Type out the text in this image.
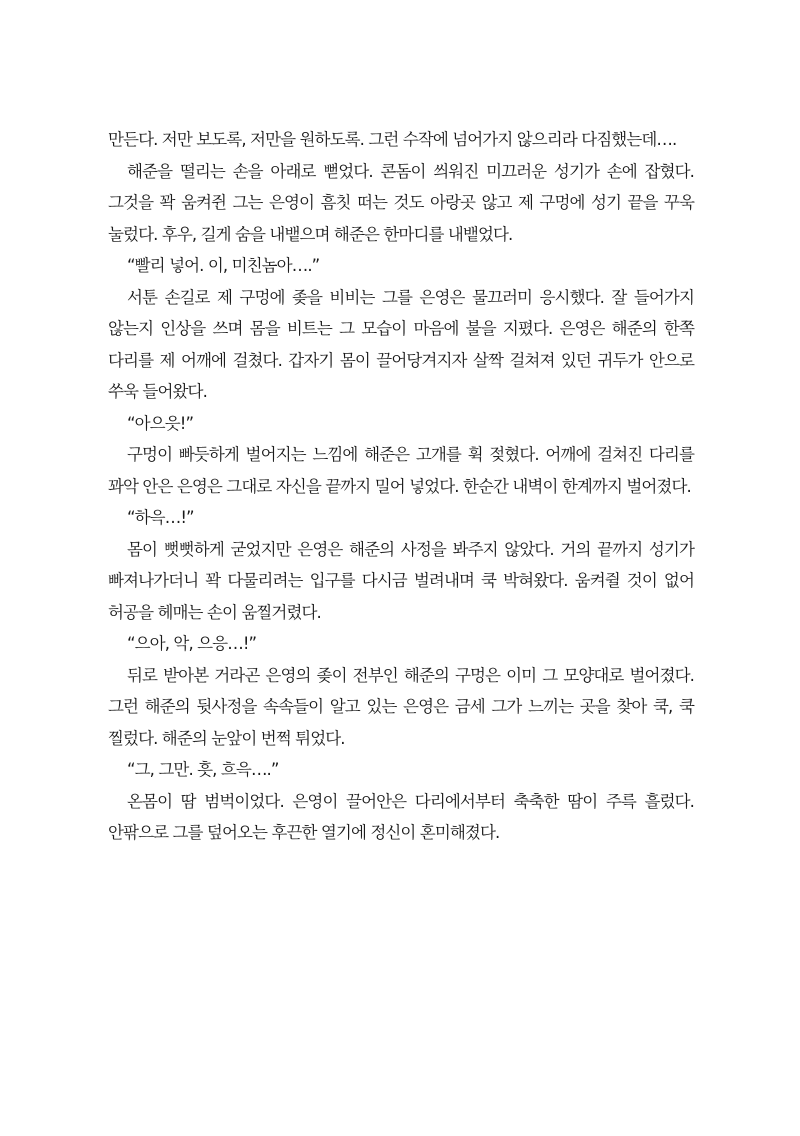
만든다. 저만 보도록, 저만을 원하도록. 그런 수작에 넘어가지 않으리라 다짐했는데….

해준을 떨리는 손을 아래로 뻗었다. 콘돔이 씌워진 미끄러운 성기가 손에 잡혔다. 그것을 꽉 움켜쥔 그는 은영이 흠칫 떠는 것도 아랑곳 않고 제 구멍에 성기 끝을 꾸욱 눌렀다. 후우, 길게 숨을 내뱉으며 해준은 한마디를 내뱉었다.

“빨리 넣어. 이, 미친놈아….”

서툰 손길로 제 구멍에 좆을 비비는 그를 은영은 물끄러미 응시했다. 잘 들어가지 않는지 인상을 쓰며 몸을 비트는 그 모습이 마음에 불을 지폈다. 은영은 해준의 한쪽 다리를 제 어깨에 걸쳤다. 갑자기 몸이 끌어당겨지자 살짝 걸쳐져 있던 귀두가 안으로 쑤욱 들어왔다.

“아으읏!”

구멍이 빠듯하게 벌어지는 느낌에 해준은 고개를 휙 젖혔다. 어깨에 걸쳐진 다리를 꽈악 안은 은영은 그대로 자신을 끝까지 밀어 넣었다. 한순간 내벽이 한계까지 벌어졌다.

“하윽…!”

몸이 뻣뻣하게 굳었지만 은영은 해준의 사정을 봐주지 않았다. 거의 끝까지 성기가 빠져나가더니 꽉 다물리려는 입구를 다시금 벌려내며 쿡 박혀왔다. 움켜쥘 것이 없어 허공을 헤매는 손이 움찔거렸다.

“으아, 악, 으응…!”

뒤로 받아본 거라곤 은영의 좆이 전부인 해준의 구멍은 이미 그 모양대로 벌어졌다. 그런 해준의 뒷사정을 속속들이 알고 있는 은영은 금세 그가 느끼는 곳을 찾아 쿡, 쿡 찔렀다. 해준의 눈앞이 번쩍 튀었다.

“그, 그만. 흣, 흐윽….”

온몸이 땀 범벅이었다. 은영이 끌어안은 다리에서부터 축축한 땀이 주륵 흘렀다. 안팎으로 그를 덮어오는 후끈한 열기에 정신이 혼미해졌다.
